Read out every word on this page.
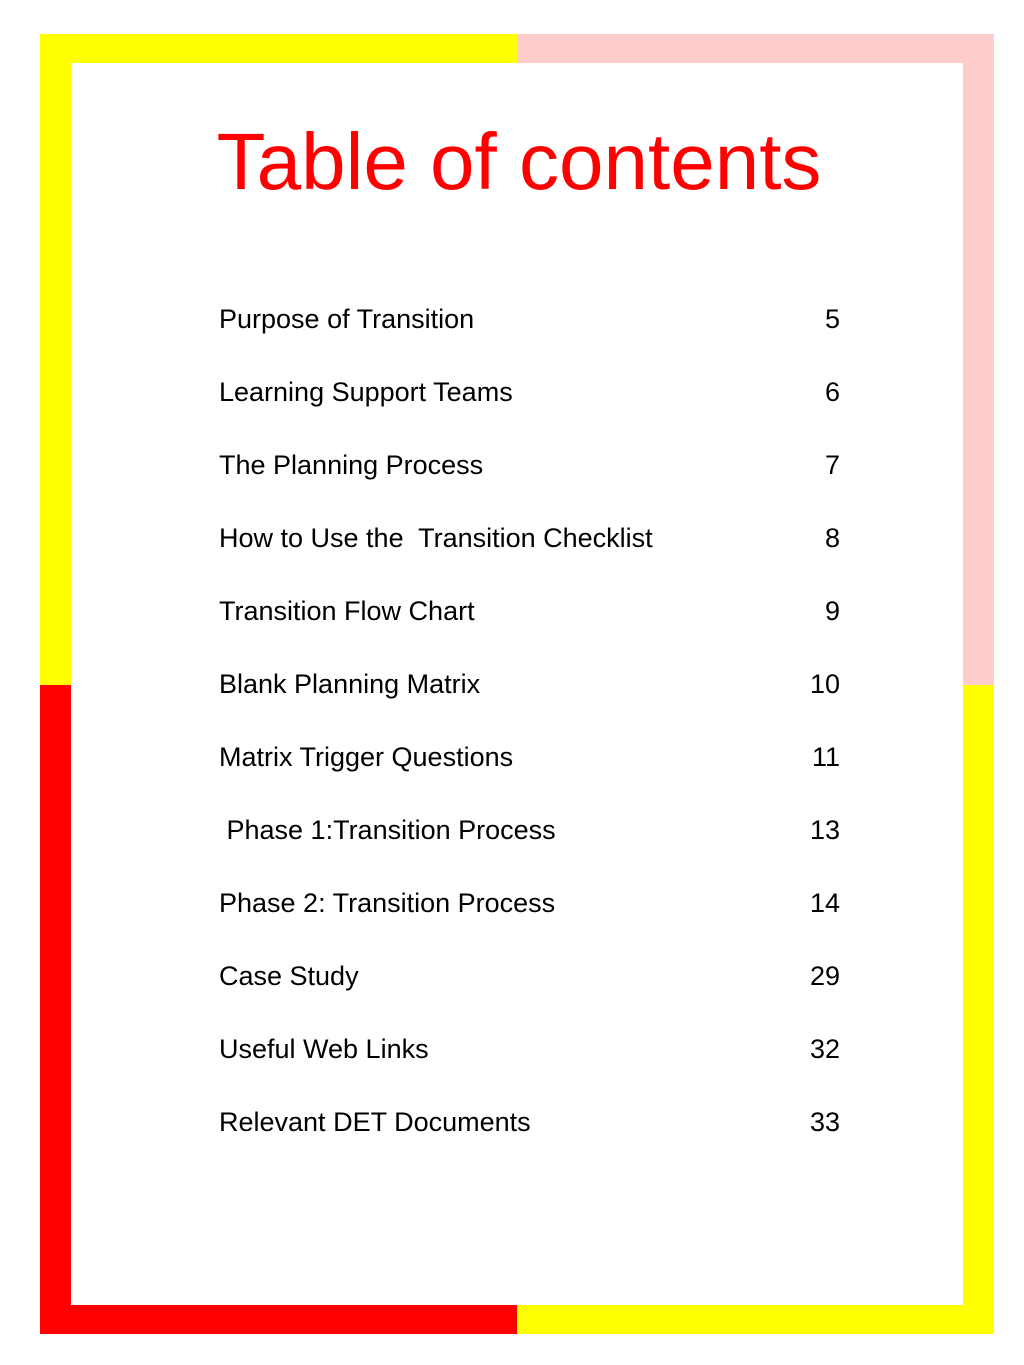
Table of contents
Purpose of Transition	5
Learning Support Teams	6
The Planning Process	7
How to Use the  Transition Checklist	8
Transition Flow Chart	9
Blank Planning Matrix	10
Matrix Trigger Questions	11
Phase 1:Transition Process	13
Phase 2: Transition Process	14
Case Study	29
Useful Web Links	32
Relevant DET Documents	33
